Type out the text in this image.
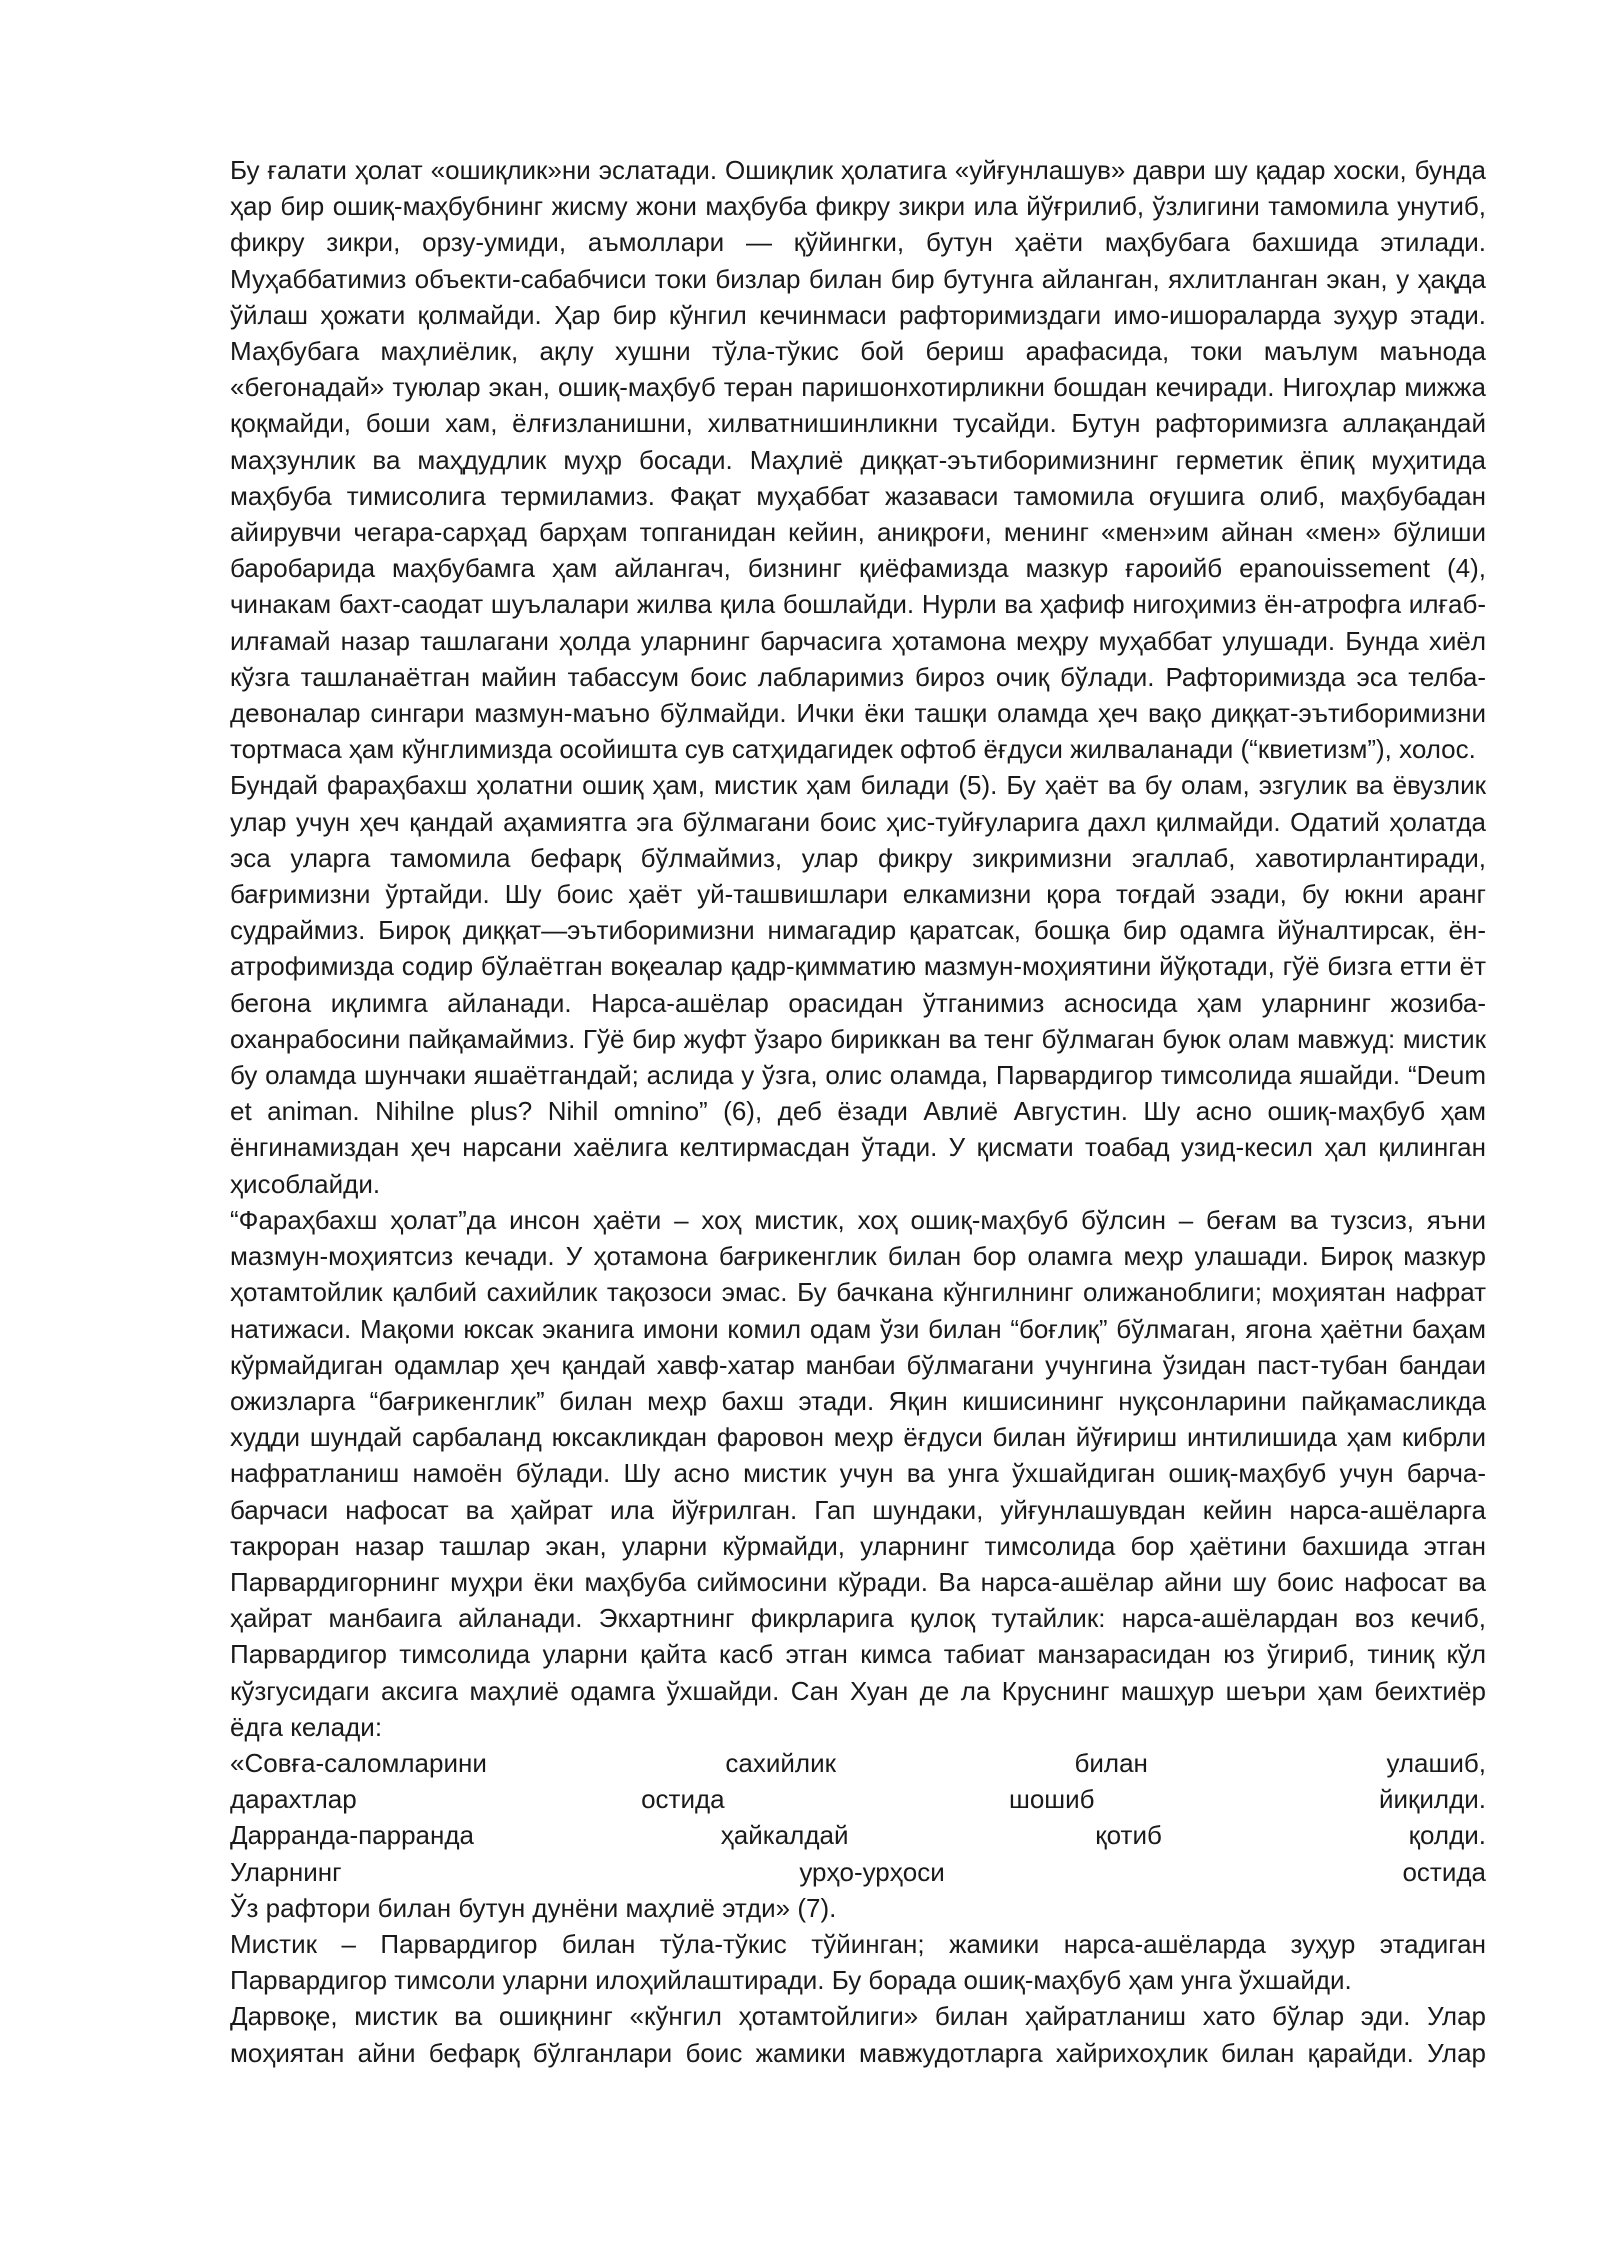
Бу ғалати ҳолат «ошиқлик»ни эслатади. Ошиқлик ҳолатига «уйғунлашув» даври шу қадар хоски, бунда ҳар бир ошиқ-маҳбубнинг жисму жони маҳбуба фикру зикри ила йўғрилиб, ўзлигини тамомила унутиб, фикру зикри, орзу-умиди, аъмоллари — қўйингки, бутун ҳаёти маҳбубага бахшида этилади. Муҳаббатимиз объекти-сабабчиси токи бизлар билан бир бутунга айланган, яхлитланган экан, у ҳақда ўйлаш ҳожати қолмайди. Ҳар бир кўнгил кечинмаси рафторимиздаги имо-ишораларда зуҳур этади. Маҳбубага маҳлиёлик, ақлу хушни тўла-тўкис бой бериш арафасида, токи маълум маънода «бегонадай» туюлар экан, ошиқ-маҳбуб теран паришонхотирликни бошдан кечиради. Нигоҳлар мижжа қоқмайди, боши хам, ёлғизланишни, хилватнишинликни тусайди. Бутун рафторимизга аллақандай маҳзунлик ва маҳдудлик муҳр босади. Маҳлиё диққат-эътиборимизнинг герметик ёпиқ муҳитида маҳбуба тимисолига термиламиз. Фақат муҳаббат жазаваси тамомила оғушига олиб, маҳбубадан айирувчи чегара-сарҳад барҳам топганидан кейин, аниқроғи, менинг «мен»им айнан «мен» бўлиши баробарида маҳбубамга ҳам айлангач, бизнинг қиёфамизда мазкур ғароийб epanouissement (4), чинакам бахт-саодат шуълалари жилва қила бошлайди. Нурли ва ҳафиф нигоҳимиз ён-атрофга илғаб-илғамай назар ташлагани ҳолда уларнинг барчасига ҳотамона меҳру муҳаббат улушади. Бунда хиёл кўзга ташланаётган майин табассум боис лабларимиз бироз очиқ бўлади. Рафторимизда эса телба-девоналар сингари мазмун-маъно бўлмайди. Ички ёки ташқи оламда ҳеч вақо диққат-эътиборимизни тортмаса ҳам кўнглимизда осойишта сув сатҳидагидек офтоб ёғдуси жилваланади (“квиетизм”), холос.

Бундай фараҳбахш ҳолатни ошиқ ҳам, мистик ҳам билади (5). Бу ҳаёт ва бу олам, эзгулик ва ёвузлик улар учун ҳеч қандай аҳамиятга эга бўлмагани боис ҳис-туйғуларига дахл қилмайди. Одатий ҳолатда эса уларга тамомила бефарқ бўлмаймиз, улар фикру зикримизни эгаллаб, хавотирлантиради, бағримизни ўртайди. Шу боис ҳаёт уй-ташвишлари елкамизни қора тоғдай эзади, бу юкни аранг судраймиз. Бироқ диққат—эътиборимизни нимагадир қаратсак, бошқа бир одамга йўналтирсак, ён-атрофимизда содир бўлаётган воқеалар қадр-қимматию мазмун-моҳиятини йўқотади, гўё бизга етти ёт бегона иқлимга айланади. Нарса-ашёлар орасидан ўтганимиз асносида ҳам уларнинг жозиба-оханрабосини пайқамаймиз. Гўё бир жуфт ўзаро бириккан ва тенг бўлмаган буюк олам мавжуд: мистик бу оламда шунчаки яшаётгандай; аслида у ўзга, олис оламда, Парвардигор тимсолида яшайди. “Deum et animan. Nihilne plus? Nihil omnino” (6), деб ёзади Авлиё Августин. Шу асно ошиқ-маҳбуб ҳам ёнгинамиздан ҳеч нарсани хаёлига келтирмасдан ўтади. У қисмати тоабад узид-кесил ҳал қилинган ҳисоблайди.

“Фараҳбахш ҳолат”да инсон ҳаёти – хоҳ мистик, хоҳ ошиқ-маҳбуб бўлсин – беғам ва тузсиз, яъни мазмун-моҳиятсиз кечади. У ҳотамона бағрикенглик билан бор оламга меҳр улашади. Бироқ мазкур ҳотамтойлик қалбий сахийлик тақозоси эмас. Бу бачкана кўнгилнинг олижанoблиги; моҳиятан нафрат натижаси. Мақоми юксак эканига имони комил одам ўзи билан “боғлиқ” бўлмаган, ягона ҳаётни баҳам кўрмайдиган одамлар ҳеч қандай хавф-хатар манбаи бўлмагани учунгина ўзидан паст-тубан бандаи ожизларга “бағрикенглик” билан меҳр бахш этади. Яқин кишисининг нуқсонларини пайқамасликда худди шундай сарбаланд юксакликдан фаровон меҳр ёғдуси билан йўғириш интилишида ҳам кибрли нафратланиш намоён бўлади. Шу асно мистик учун ва унга ўхшайдиган ошиқ-маҳбуб учун барча-барчаси нафосат ва ҳайрат ила йўғрилган. Гап шундаки, уйғунлашувдан кейин нарса-ашёларга такроран назар ташлар экан, уларни кўрмайди, уларнинг тимсолида бор ҳаётини бахшида этган Парвардигорнинг муҳри ёки маҳбуба сиймосини кўради. Ва нарса-ашёлар айни шу боис нафосат ва ҳайрат манбаига айланади. Экхартнинг фикрларига қулоқ тутайлик: нарса-ашёлардан воз кечиб, Парвардигор тимсолида уларни қайта касб этган кимса табиат манзарасидан юз ўгириб, тиниқ кўл кўзгусидаги аксига маҳлиё одамга ўхшайди. Сан Хуан де ла Круснинг машҳур шеъри ҳам беихтиёр ёдга келади:

«Совға-саломларини сахийлик билан улашиб,

дарахтлар остида шошиб йиқилди.

Дарранда-парранда ҳайкалдай қотиб қолди.

Уларнинг урҳо-урҳоси остида

Ўз рафтори билан бутун дунёни маҳлиё этди» (7).

Мистик – Парвардигор билан тўла-тўкис тўйинган; жамики нарса-ашёларда зуҳур этадиган Парвардигор тимсоли уларни илоҳийлаштиради. Бу борада ошиқ-маҳбуб ҳам унга ўхшайди.

Дарвоқе, мистик ва ошиқнинг «кўнгил ҳотамтойлиги» билан ҳайратланиш хато бўлар эди. Улар моҳиятан айни бефарқ бўлганлари боис жамики мавжудотларга хайрихоҳлик билан қарайди. Улар
